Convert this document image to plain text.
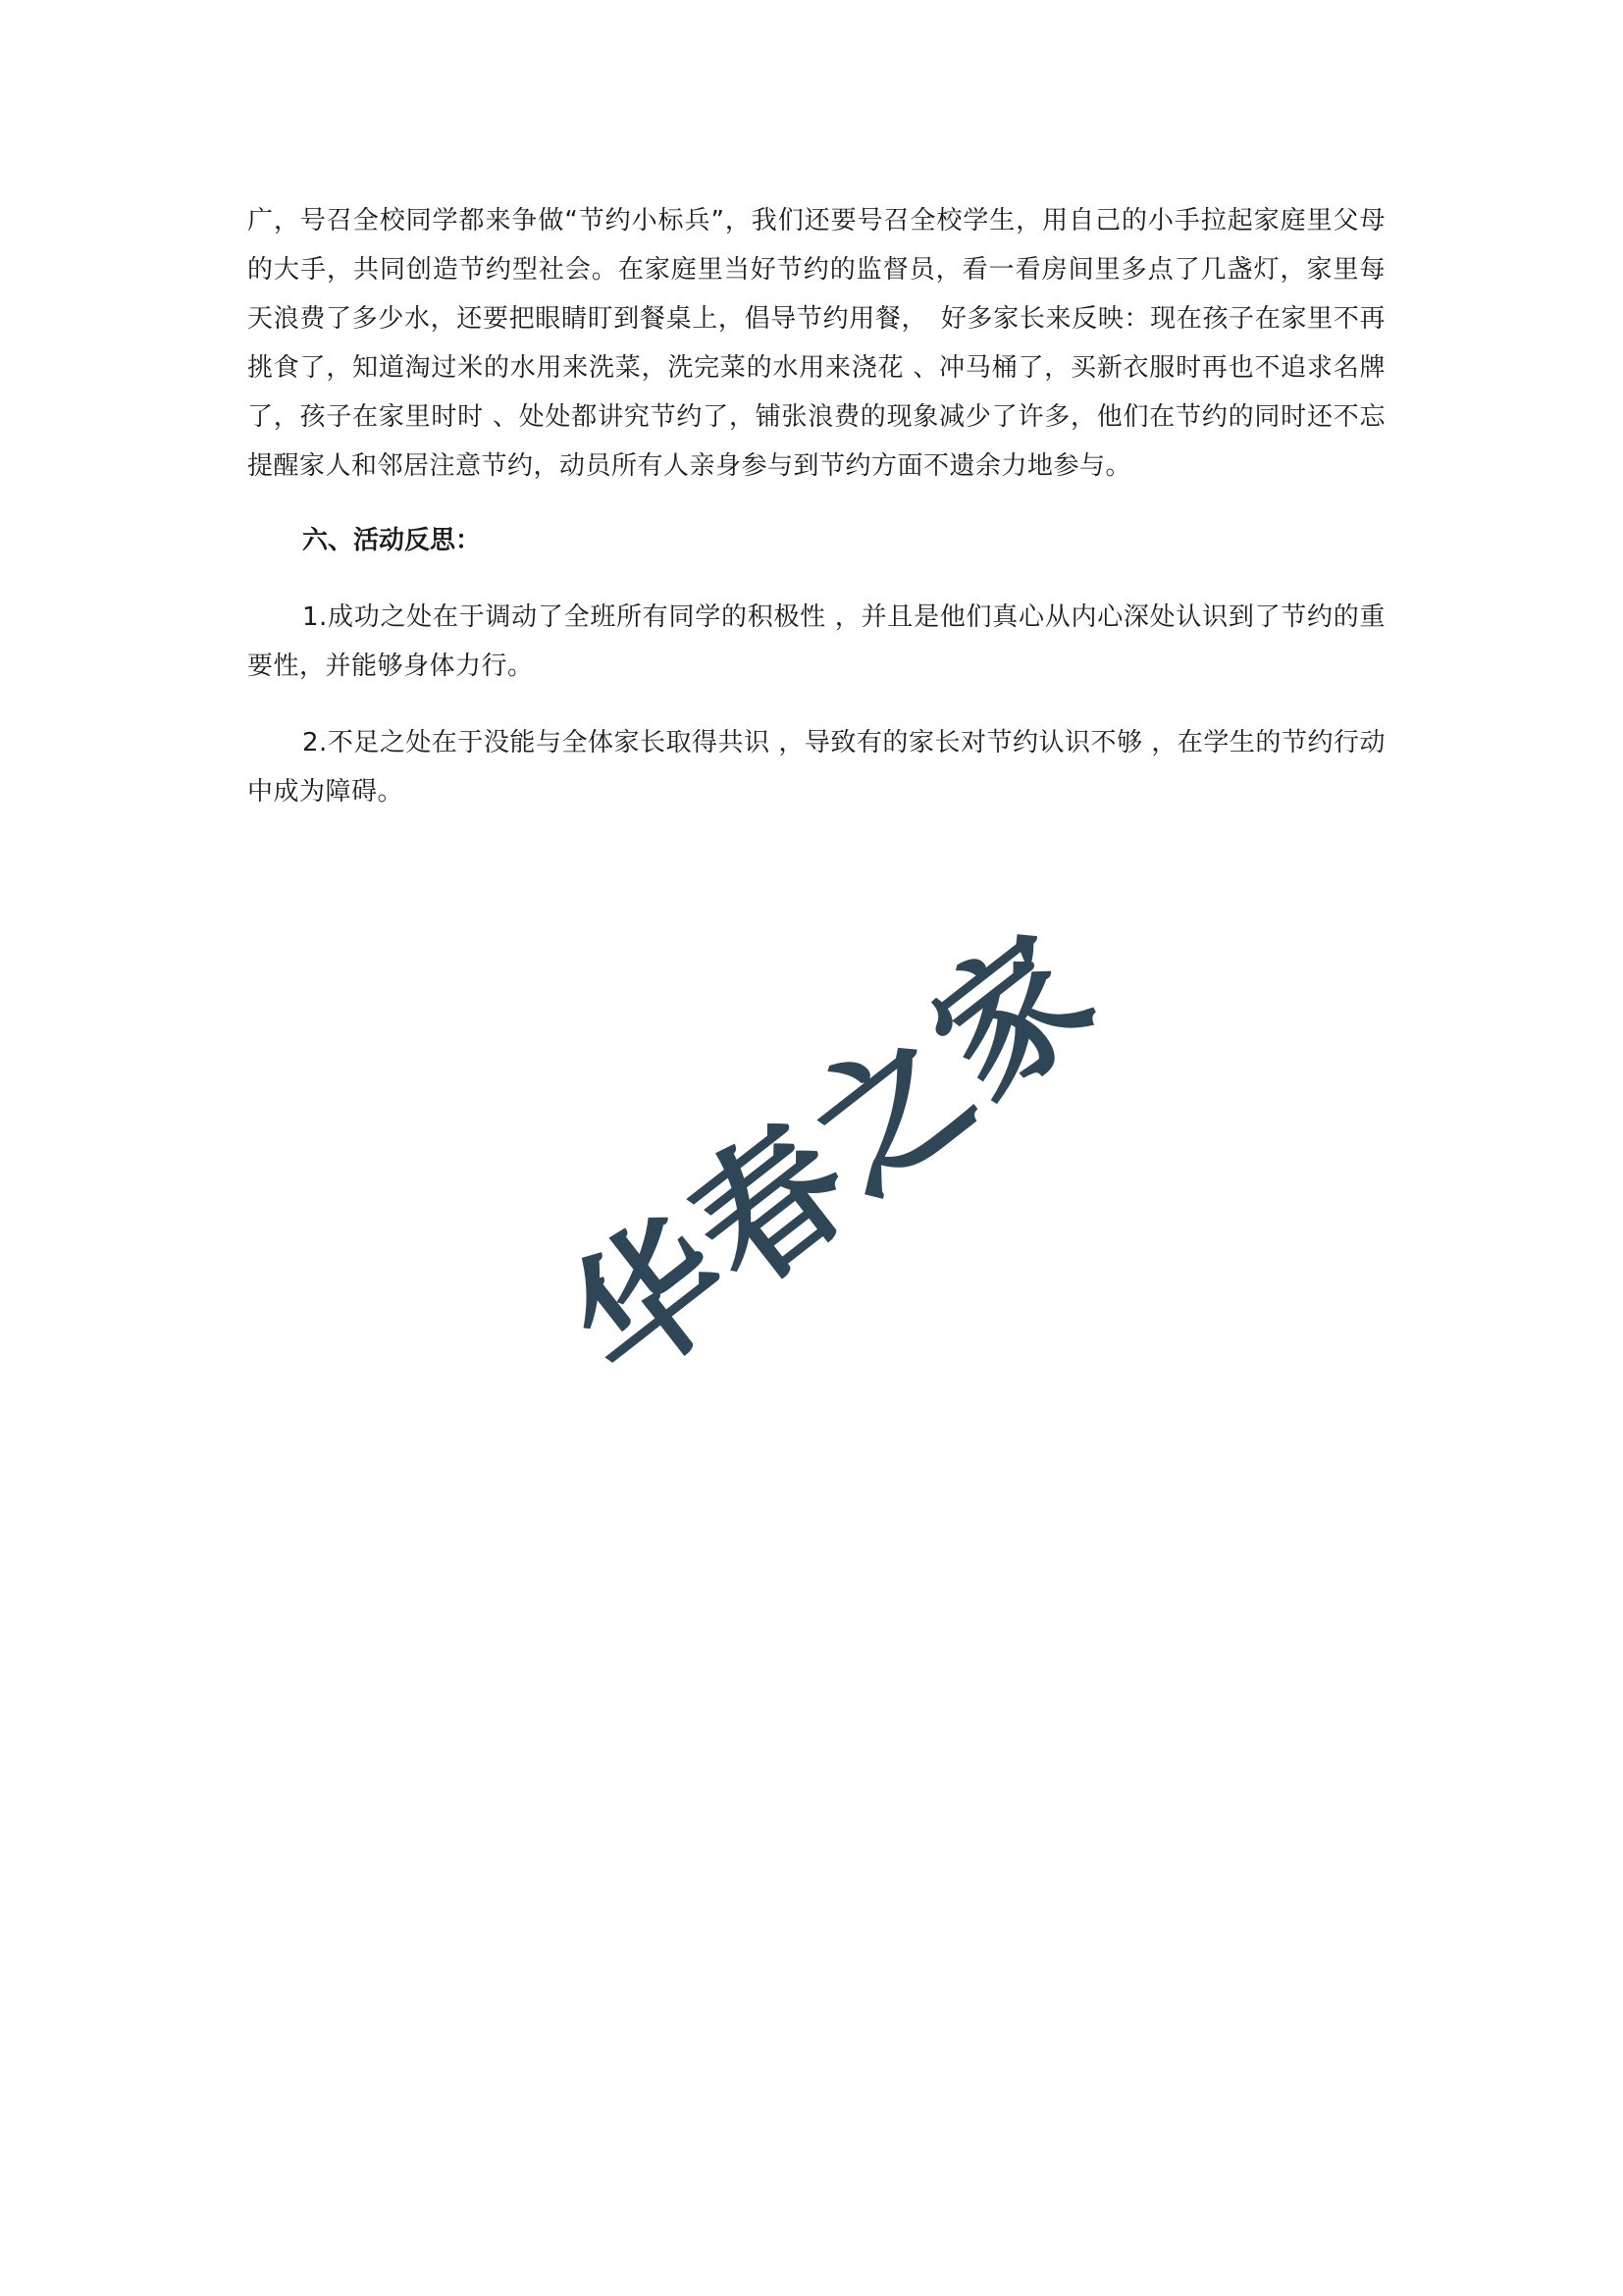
广，号召全校同学都来争做“节约小标兵”，我们还要号召全校学生，用自己的小手拉起家庭里父母的大手，共同创造节约型社会。在家庭里当好节约的监督员，看一看房间里多点了几盏灯，家里每天浪费了多少水，还要把眼睛盯到餐桌上，倡导节约用餐，　好多家长来反映：现在孩子在家里不再挑食了，知道淘过米的水用来洗菜，洗完菜的水用来浇花 、冲马桶了，买新衣服时再也不追求名牌了，孩子在家里时时 、处处都讲究节约了，铺张浪费的现象减少了许多，他们在节约的同时还不忘提醒家人和邻居注意节约，动员所有人亲身参与到节约方面不遗余力地参与。

六、活动反思：

1.成功之处在于调动了全班所有同学的积极性 ，并且是他们真心从内心深处认识到了节约的重要性，并能够身体力行。

2.不足之处在于没能与全体家长取得共识 ，导致有的家长对节约认识不够 ，在学生的节约行动中成为障碍。

华春之家
